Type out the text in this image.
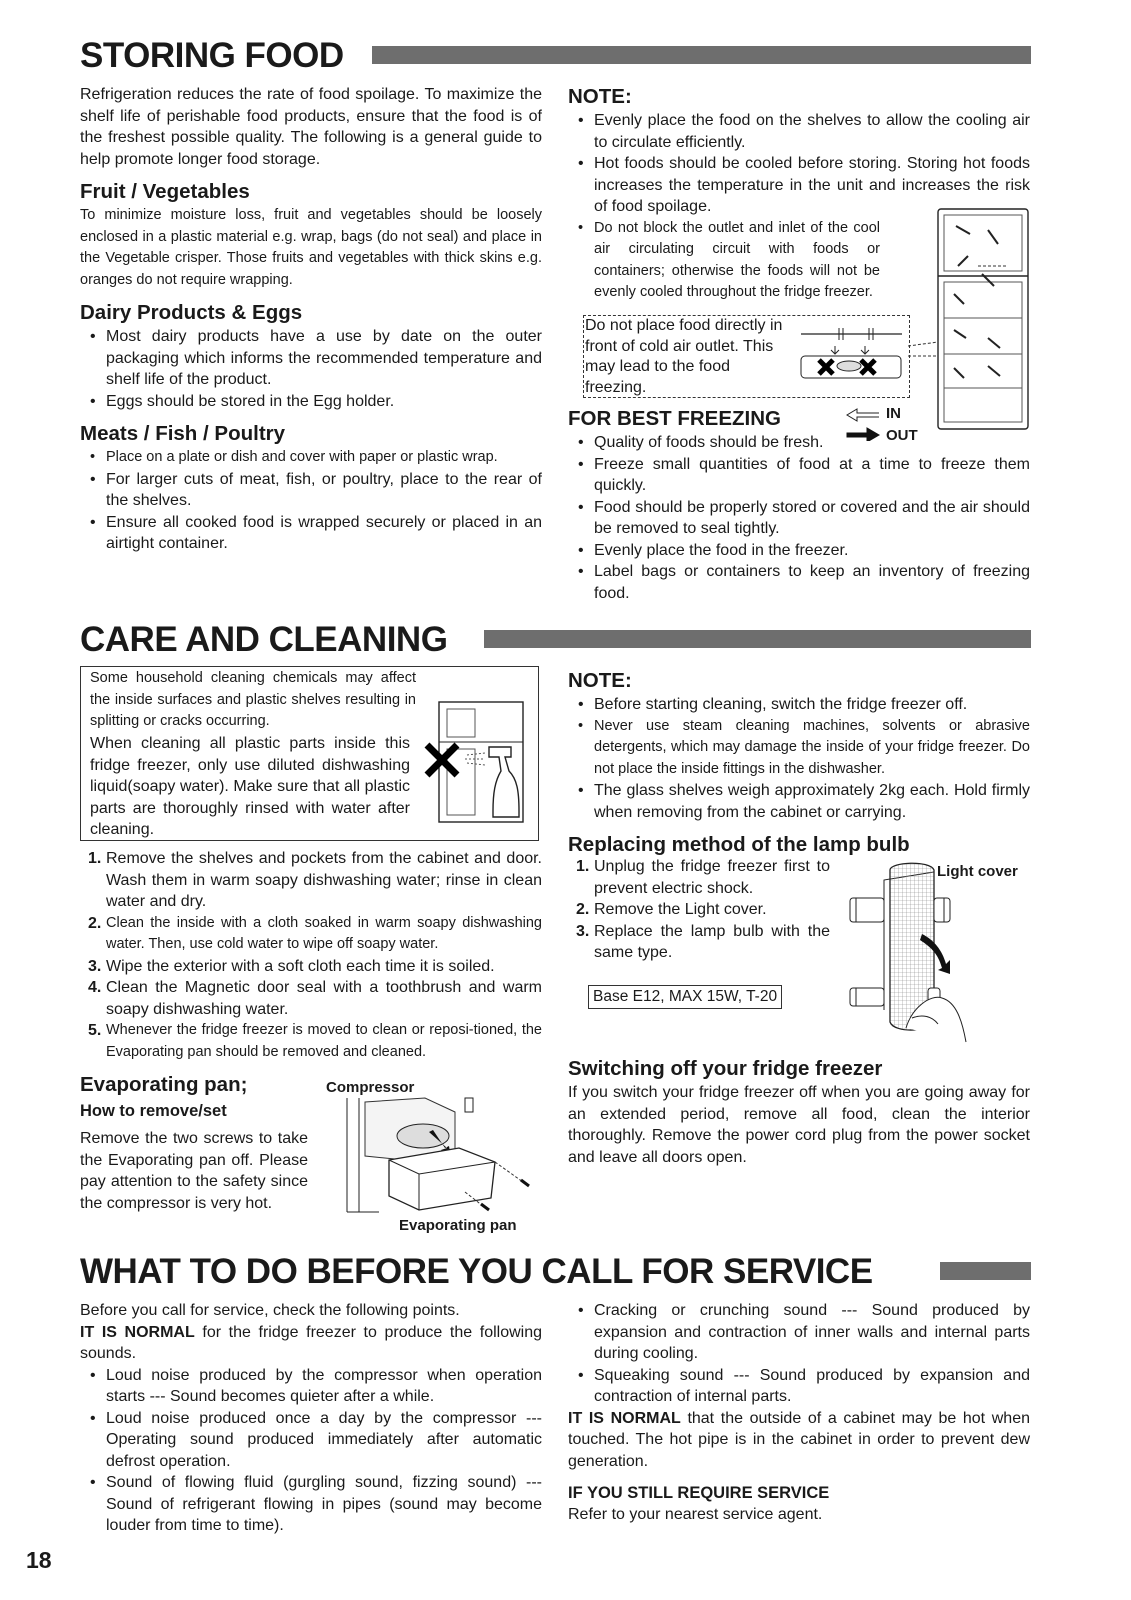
STORING FOOD

Refrigeration reduces the rate of food spoilage. To maximize the shelf life of perishable food products, ensure that the food is of the freshest possible quality. The following is a general guide to help promote longer food storage.

Fruit / Vegetables

To minimize moisture loss, fruit and vegetables should be loosely enclosed in a plastic material e.g. wrap, bags (do not seal) and place in the Vegetable crisper. Those fruits and vegetables with thick skins e.g. oranges do not require wrapping.

Dairy Products & Eggs

• Most dairy products have a use by date on the outer packaging which informs the recommended temperature and shelf life of the product.
• Eggs should be stored in the Egg holder.

Meats / Fish / Poultry

• Place on a plate or dish and cover with paper or plastic wrap.
• For larger cuts of meat, fish, or poultry, place to the rear of the shelves.
• Ensure all cooked food is wrapped securely or placed in an airtight container.

NOTE:

• Evenly place the food on the shelves to allow the cooling air to circulate efficiently.
• Hot foods should be cooled before storing. Storing hot foods increases the temperature in the unit and increases the risk of food spoilage.
• Do not block the outlet and inlet of the cool air circulating circuit with foods or containers; otherwise the foods will not be evenly cooled throughout the fridge freezer.
Do not place food directly in front of cold air outlet. This may lead to the food freezing.
IN
OUT

FOR BEST FREEZING

• Quality of foods should be fresh.
• Freeze small quantities of food at a time to freeze them quickly.
• Food should be properly stored or covered and the air should be removed to seal tightly.
• Evenly place the food in the freezer.
• Label bags or containers to keep an inventory of freezing food.
CARE AND CLEANING
Some household cleaning chemicals may affect the inside surfaces and plastic shelves resulting in splitting or cracks occurring.
When cleaning all plastic parts inside this fridge freezer, only use diluted dishwashing liquid(soapy water). Make sure that all plastic parts are thoroughly rinsed with water after cleaning.
1. Remove the shelves and pockets from the cabinet and door. Wash them in warm soapy dishwashing water; rinse in clean water and dry.
2. Clean the inside with a cloth soaked in warm soapy dishwashing water. Then, use cold water to wipe off soapy water.
3. Wipe the exterior with a soft cloth each time it is soiled.
4. Clean the Magnetic door seal with a toothbrush and warm soapy dishwashing water.
5. Whenever the fridge freezer is moved to clean or reposi-tioned, the Evaporating pan should be removed and cleaned.

Evaporating pan;

How to remove/set

Remove the two screws to take the Evaporating pan off. Please pay attention to the safety since the compressor is very hot.

Compressor
Evaporating pan

NOTE:

• Before starting cleaning, switch the fridge freezer off.
• Never use steam cleaning machines, solvents or abrasive detergents, which may damage the inside of your fridge freezer. Do not place the inside fittings in the dishwasher.
• The glass shelves weigh approximately 2kg each. Hold firmly when removing from the cabinet or carrying.

Replacing method of the lamp bulb

1. Unplug the fridge freezer first to prevent electric shock.
2. Remove the Light cover.
3. Replace the lamp bulb with the same type.
Base E12, MAX 15W, T-20
Light cover

Switching off your fridge freezer

If you switch your fridge freezer off when you are going away for an extended period, remove all food, clean the interior thoroughly. Remove the power cord plug from the power socket and leave all doors open.

WHAT TO DO BEFORE YOU CALL FOR SERVICE

Before you call for service, check the following points.

IT IS NORMAL for the fridge freezer to produce the following sounds.

• Loud noise produced by the compressor when operation starts --- Sound becomes quieter after a while.
• Loud noise produced once a day by the compressor --- Operating sound produced immediately after automatic defrost operation.
• Sound of flowing fluid (gurgling sound, fizzing sound) --- Sound of refrigerant flowing in pipes (sound may become louder from time to time).
• Cracking or crunching sound --- Sound produced by expansion and contraction of inner walls and internal parts during cooling.
• Squeaking sound --- Sound produced by expansion and contraction of internal parts.

IT IS NORMAL that the outside of a cabinet may be hot when touched. The hot pipe is in the cabinet in order to prevent dew generation.

IF YOU STILL REQUIRE SERVICE

Refer to your nearest service agent.

18
